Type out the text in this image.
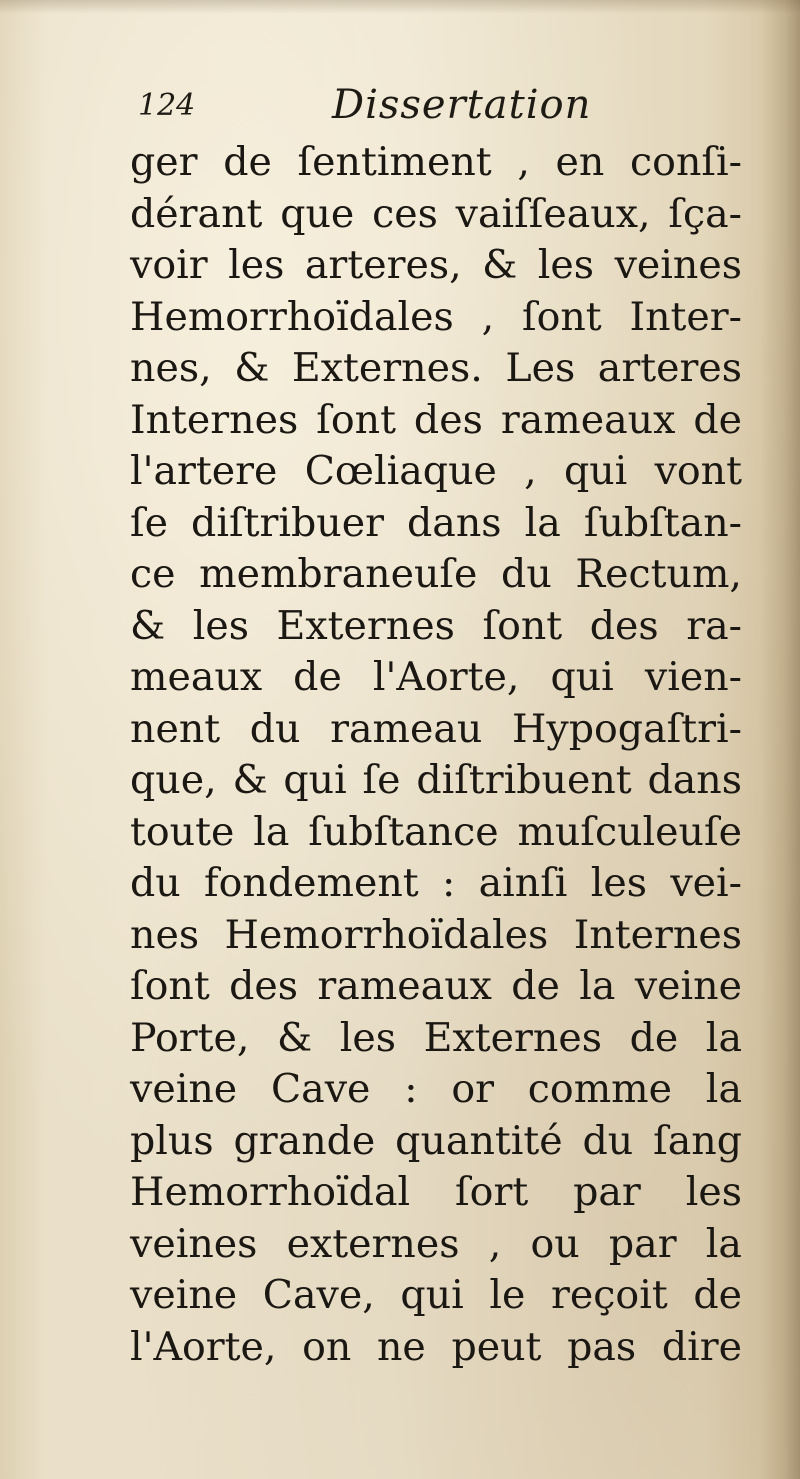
124	Dissertation
ger de ſentiment , en conſi-
dérant que ces vaiſſeaux, ſça-
voir les arteres, & les veines
Hemorrhoïdales , ſont Inter-
nes, & Externes. Les arteres
Internes ſont des rameaux de
l'artere Cœliaque , qui vont
ſe diſtribuer dans la ſubſtan-
ce membraneuſe du Rectum,
& les Externes ſont des ra-
meaux de l'Aorte, qui vien-
nent du rameau Hypogaſtri-
que, & qui ſe diſtribuent dans
toute la ſubſtance muſculeuſe
du fondement : ainſi les vei-
nes Hemorrhoïdales Internes
ſont des rameaux de la veine
Porte, & les Externes de la
veine Cave : or comme la
plus grande quantité du ſang
Hemorrhoïdal ſort par les
veines externes , ou par la
veine Cave, qui le reçoit de
l'Aorte, on ne peut pas dire
